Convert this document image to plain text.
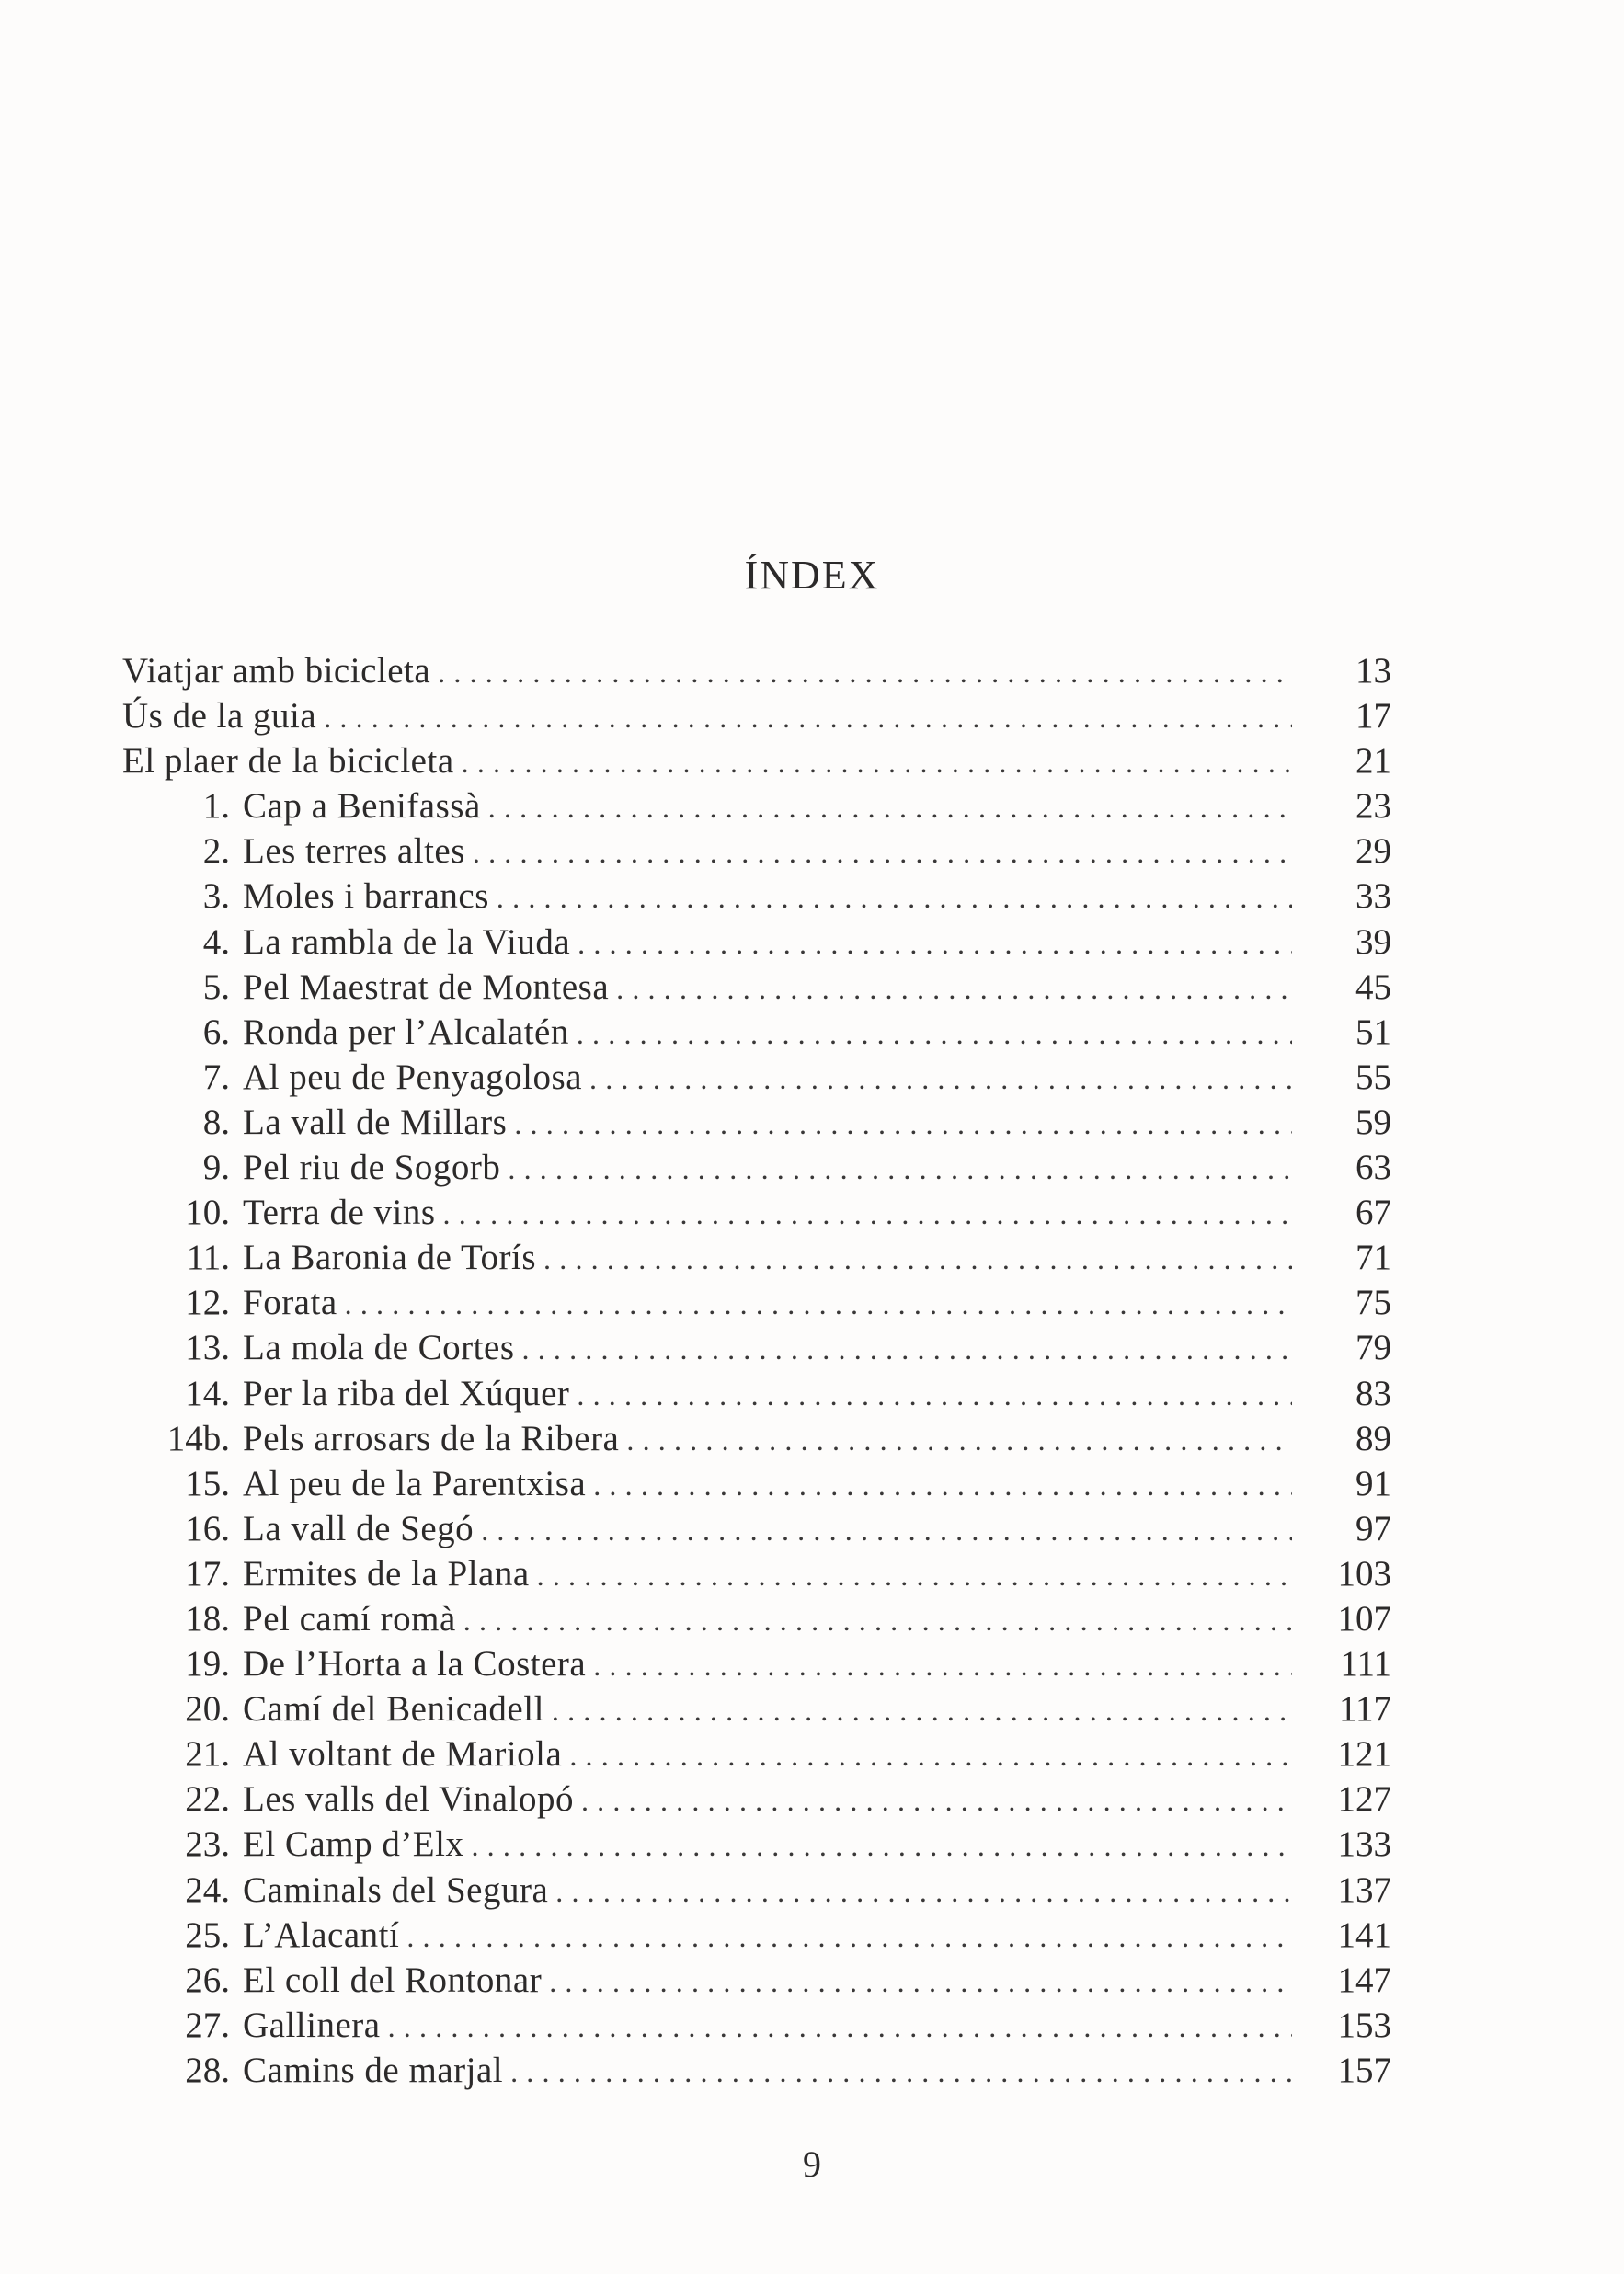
ÍNDEX
Viatjar amb bicicleta .....	13
Ús de la guia .....	17
El plaer de la bicicleta .....	21
1. Cap a Benifassà .....	23
2. Les terres altes .....	29
3. Moles i barrancs .....	33
4. La rambla de la Viuda .....	39
5. Pel Maestrat de Montesa .....	45
6. Ronda per l’Alcalatén .....	51
7. Al peu de Penyagolosa .....	55
8. La vall de Millars .....	59
9. Pel riu de Sogorb .....	63
10. Terra de vins .....	67
11. La Baronia de Torís .....	71
12. Forata .....	75
13. La mola de Cortes .....	79
14. Per la riba del Xúquer .....	83
14b. Pels arrosars de la Ribera .....	89
15. Al peu de la Parentxisa .....	91
16. La vall de Segó .....	97
17. Ermites de la Plana .....	103
18. Pel camí romà .....	107
19. De l’Horta a la Costera .....	111
20. Camí del Benicadell .....	117
21. Al voltant de Mariola .....	121
22. Les valls del Vinalopó .....	127
23. El Camp d’Elx .....	133
24. Caminals del Segura .....	137
25. L’Alacantí .....	141
26. El coll del Rontonar .....	147
27. Gallinera .....	153
28. Camins de marjal .....	157
9
